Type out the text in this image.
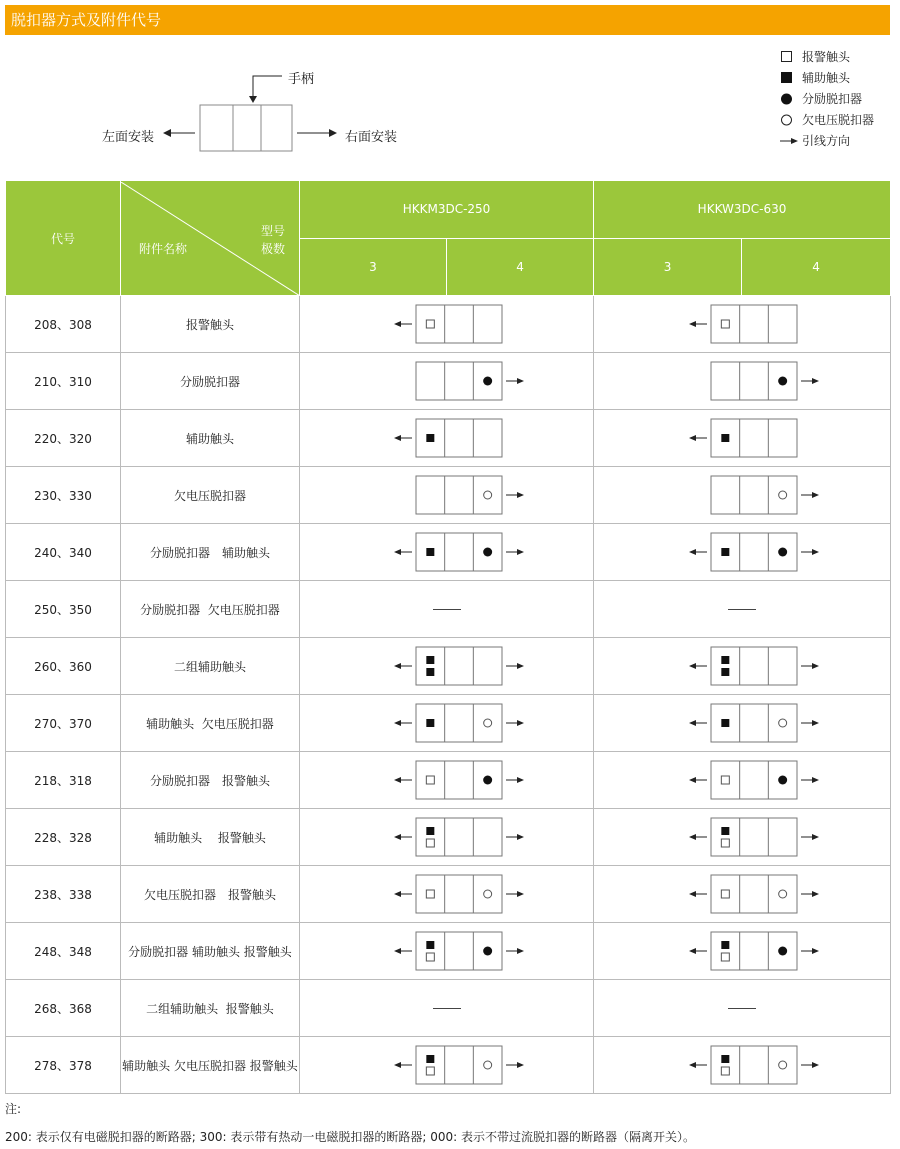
脱扣器方式及附件代号
手柄
左面安装	右面安装
报警触头
辅助触头
分励脱扣器
欠电压脱扣器
引线方向
代号	型号
极数
附件名称	HKKM3DC-250		HKKW3DC-630	
		3	4	3	4
208、308	报警触头		
210、310	分励脱扣器		
220、320	辅助触头		
230、330	欠电压脱扣器		
240、340	分励脱扣器　辅助触头		
250、350	分励脱扣器  欠电压脱扣器				
260、360	二组辅助触头		
270、370	辅助触头  欠电压脱扣器		
218、318	分励脱扣器　报警触头		
228、328	辅助触头　 报警触头		
238、338	欠电压脱扣器　报警触头		
248、348	分励脱扣器 辅助触头 报警触头		
268、368	二组辅助触头  报警触头				
278、378	辅助触头 欠电压脱扣器 报警触头		
注:
200: 表示仅有电磁脱扣器的断路器; 300: 表示带有热动一电磁脱扣器的断路器; 000: 表示不带过流脱扣器的断路器（隔离开关）。
